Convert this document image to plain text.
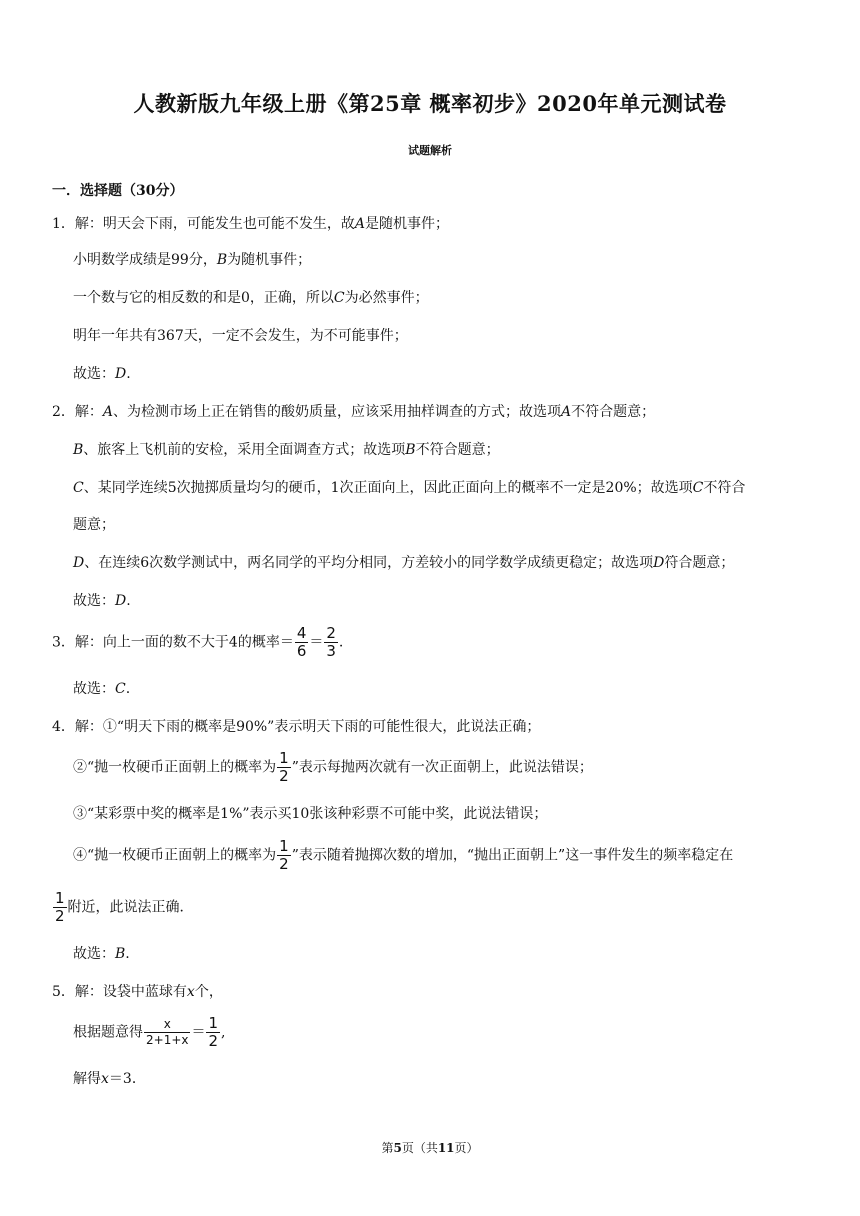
人教新版九年级上册《第25章 概率初步》2020年单元测试卷
试题解析
一．选择题（30分）
1．解：明天会下雨，可能发生也可能不发生，故A是随机事件；
小明数学成绩是99分，B为随机事件；
一个数与它的相反数的和是0，正确，所以C为必然事件；
明年一年共有367天，一定不会发生，为不可能事件；
故选：D.
2．解：A、为检测市场上正在销售的酸奶质量，应该采用抽样调查的方式；故选项A不符合题意；
B、旅客上飞机前的安检，采用全面调查方式；故选项B不符合题意；
C、某同学连续5次抛掷质量均匀的硬币，1次正面向上，因此正面向上的概率不一定是20%；故选项C不符合
题意；
D、在连续6次数学测试中，两名同学的平均分相同，方差较小的同学数学成绩更稳定；故选项D符合题意；
故选：D.
3．解：向上一面的数不大于4的概率＝ $\frac{4}{6} = \frac{2}{3}$ .
故选：C.
4．解：①“明天下雨的概率是90%”表示明天下雨的可能性很大，此说法正确；
②“抛一枚硬币正面朝上的概率为 $\frac{1}{2}$ ”表示每抛两次就有一次正面朝上，此说法错误；
③“某彩票中奖的概率是1%”表示买10张该种彩票不可能中奖，此说法错误；
④“抛一枚硬币正面朝上的概率为 $\frac{1}{2}$ ”表示随着抛掷次数的增加，“抛出正面朝上”这一事件发生的频率稳定在
$\frac{1}{2}$ 附近，此说法正确．
故选：B.
5．解：设袋中蓝球有x个，
根据题意得 $\frac{x}{2+1+x} = \frac{1}{2}$ ,
解得x＝3．
第5页（共11页）
